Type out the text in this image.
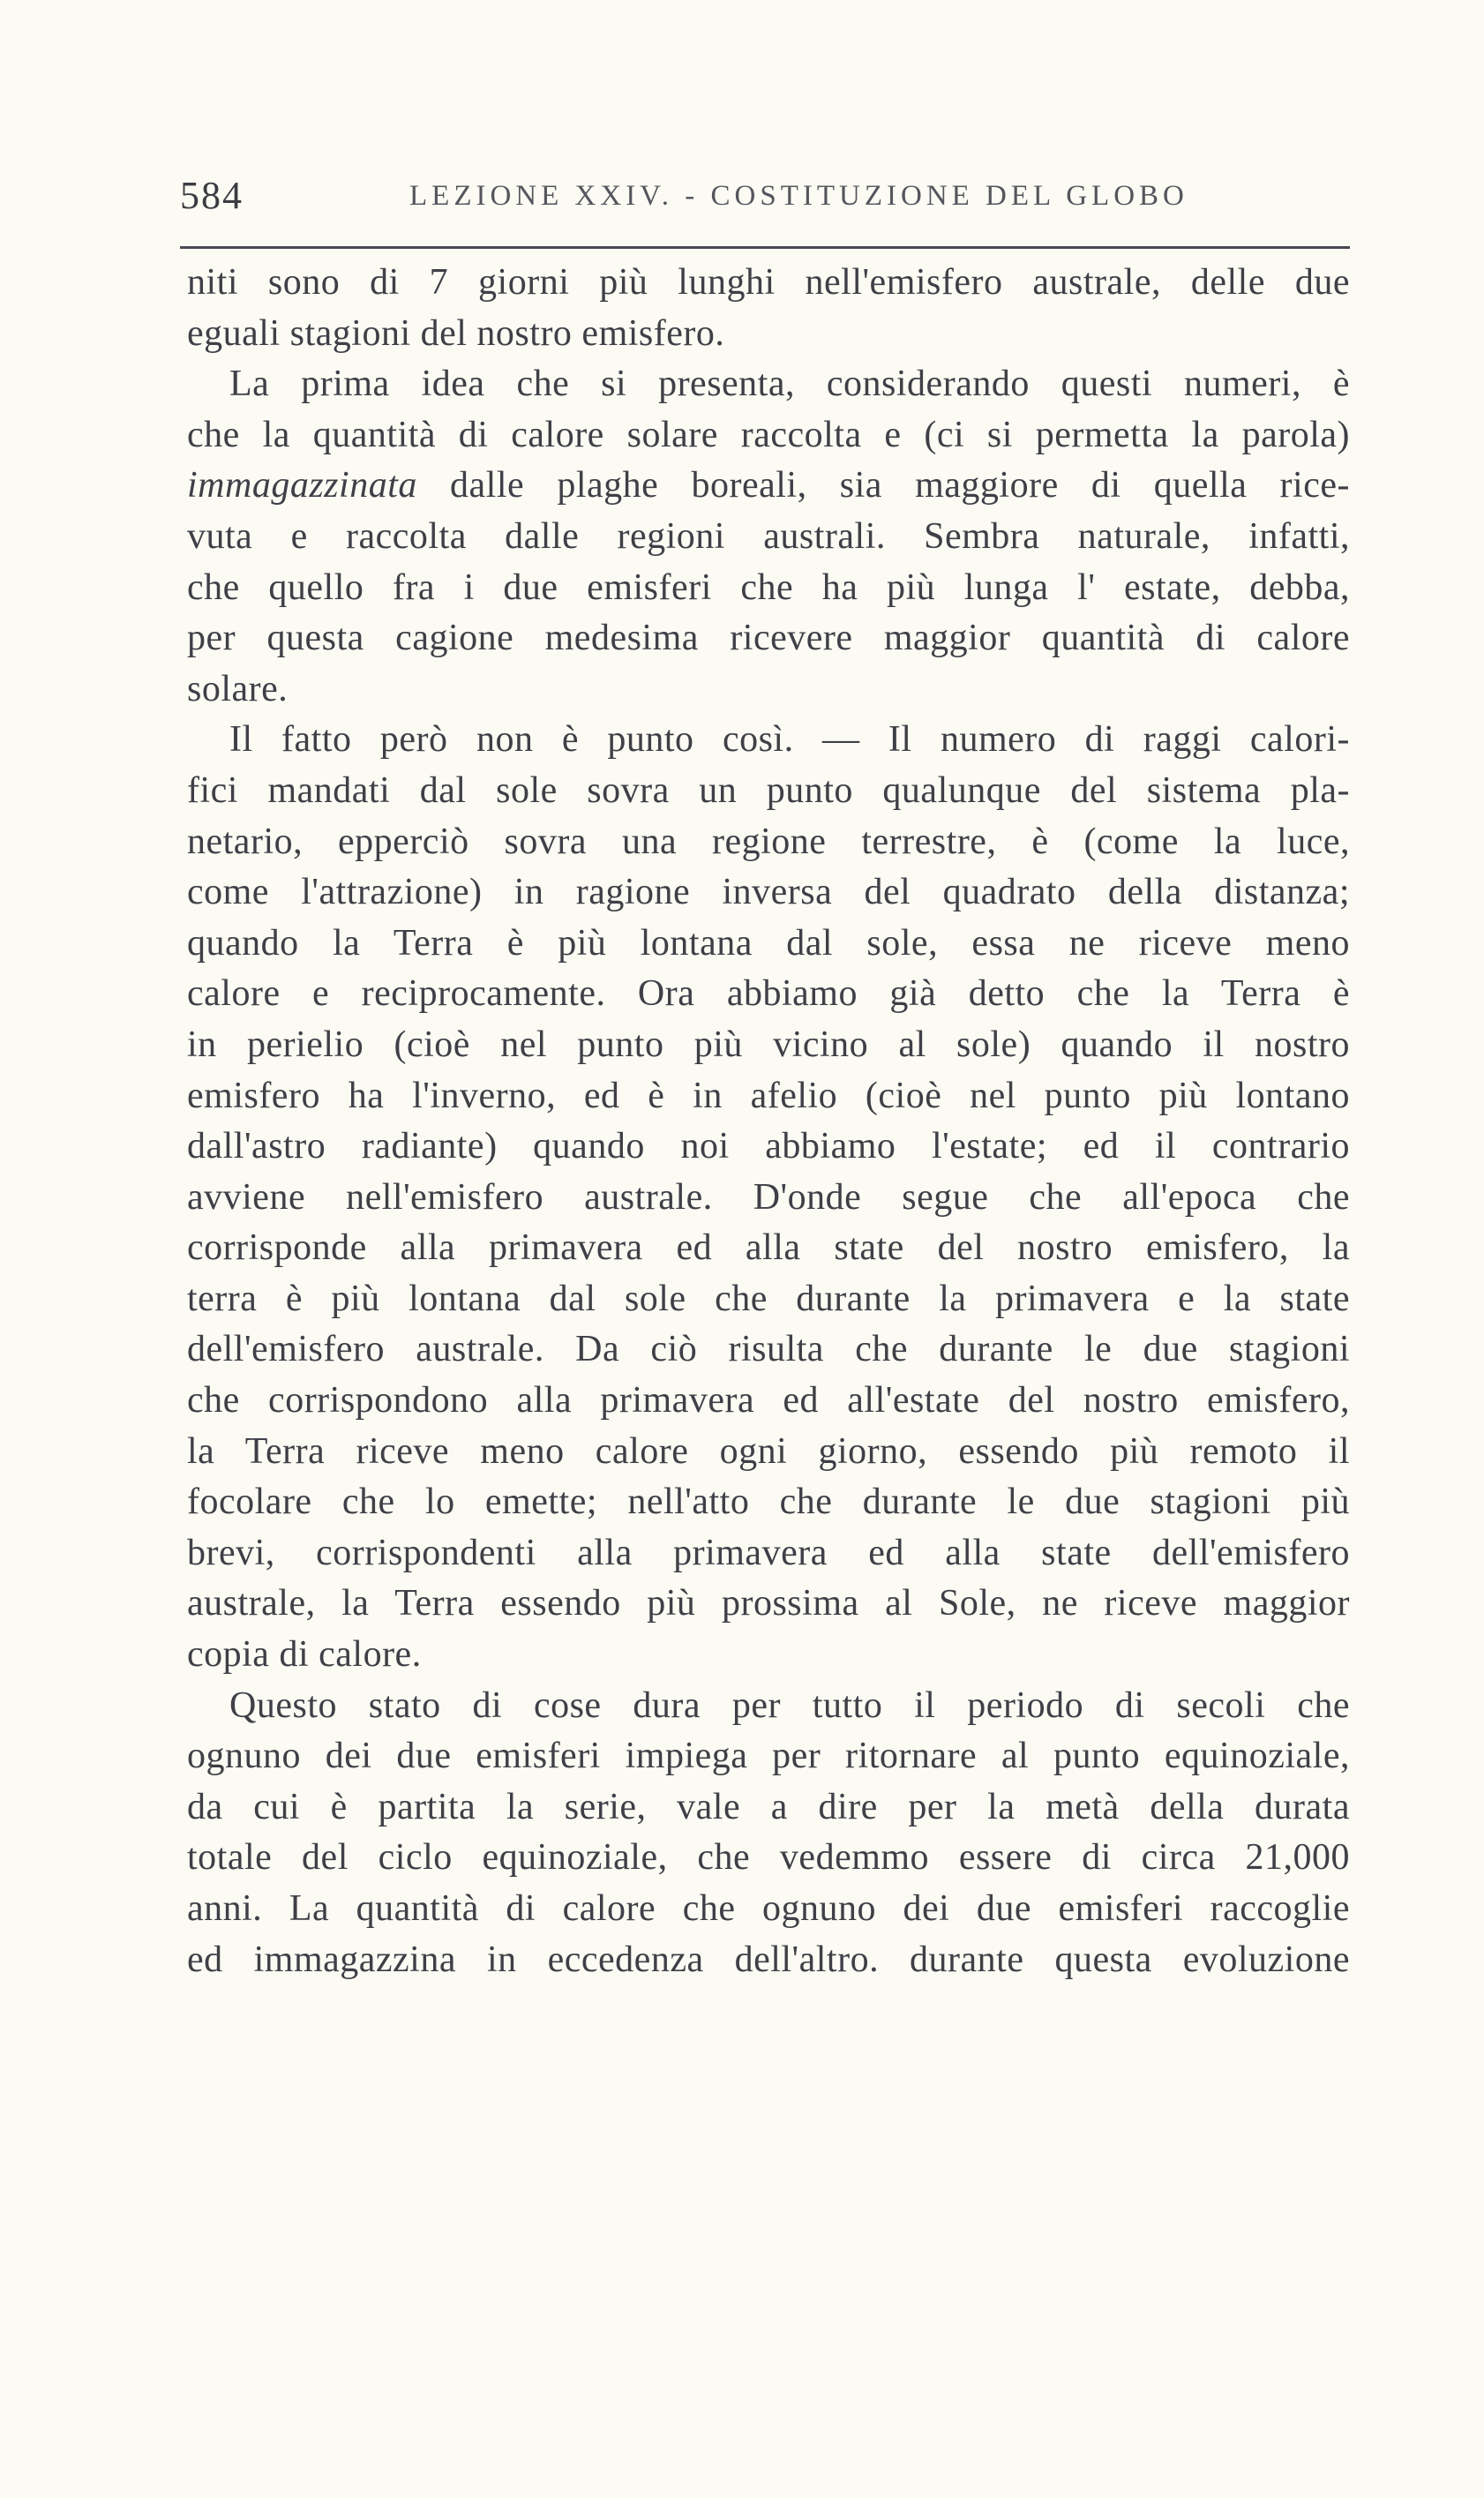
584	LEZIONE XXIV. - COSTITUZIONE DEL GLOBO
niti sono di 7 giorni più lunghi nell'emisfero australe, delle due
eguali stagioni del nostro emisfero.
La prima idea che si presenta, considerando questi numeri, è
che la quantità di calore solare raccolta e (ci si permetta la parola)
immagazzinata dalle plaghe boreali, sia maggiore di quella rice-
vuta e raccolta dalle regioni australi. Sembra naturale, infatti,
che quello fra i due emisferi che ha più lunga l' estate, debba,
per questa cagione medesima ricevere maggior quantità di calore
solare.
Il fatto però non è punto così. — Il numero di raggi calori-
fici mandati dal sole sovra un punto qualunque del sistema pla-
netario, epperciò sovra una regione terrestre, è (come la luce,
come l'attrazione) in ragione inversa del quadrato della distanza;
quando la Terra è più lontana dal sole, essa ne riceve meno
calore e reciprocamente. Ora abbiamo già detto che la Terra è
in perielio (cioè nel punto più vicino al sole) quando il nostro
emisfero ha l'inverno, ed è in afelio (cioè nel punto più lontano
dall'astro radiante) quando noi abbiamo l'estate; ed il contrario
avviene nell'emisfero australe. D'onde segue che all'epoca che
corrisponde alla primavera ed alla state del nostro emisfero, la
terra è più lontana dal sole che durante la primavera e la state
dell'emisfero australe. Da ciò risulta che durante le due stagioni
che corrispondono alla primavera ed all'estate del nostro emisfero,
la Terra riceve meno calore ogni giorno, essendo più remoto il
focolare che lo emette; nell'atto che durante le due stagioni più
brevi, corrispondenti alla primavera ed alla state dell'emisfero
australe, la Terra essendo più prossima al Sole, ne riceve maggior
copia di calore.
Questo stato di cose dura per tutto il periodo di secoli che
ognuno dei due emisferi impiega per ritornare al punto equinoziale,
da cui è partita la serie, vale a dire per la metà della durata
totale del ciclo equinoziale, che vedemmo essere di circa 21,000
anni. La quantità di calore che ognuno dei due emisferi raccoglie
ed immagazzina in eccedenza dell'altro. durante questa evoluzione
